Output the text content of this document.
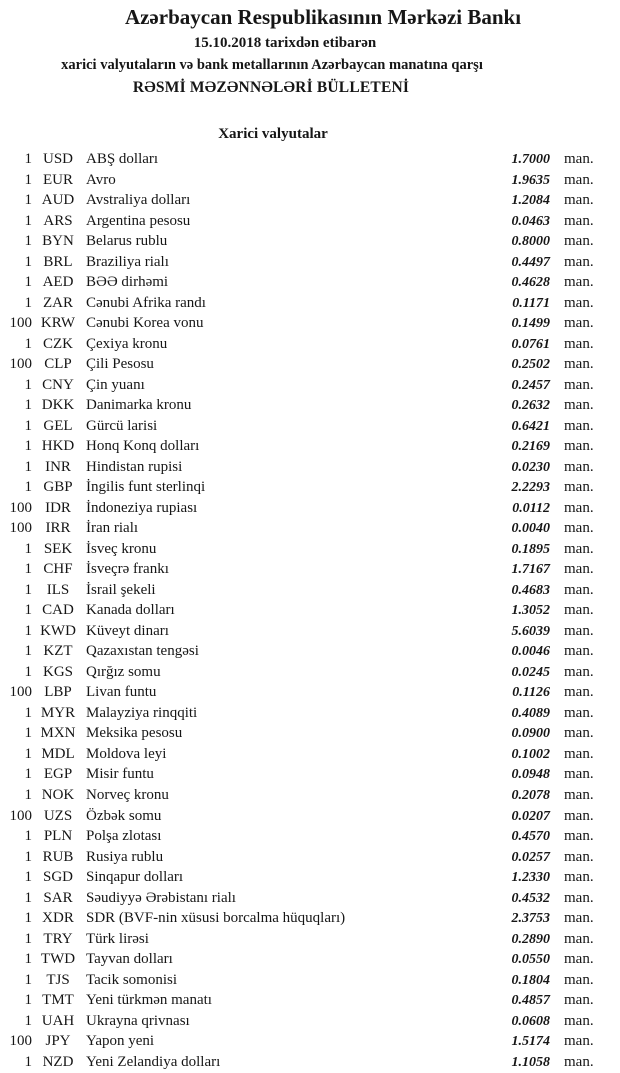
Azərbaycan Respublikasının Mərkəzi Bankı
15.10.2018 tarixdən etibarən
xarici valyutaların və bank metallarının Azərbaycan manatına qarşı
RƏSMİ MƏZƏNNƏLƏRİ BÜLLETENİ
Xarici valyutalar
1 USD ABŞ dolları	1.7000 man.
1 EUR Avro	1.9635 man.
1 AUD Avstraliya dolları	1.2084 man.
1 ARS Argentina pesosu	0.0463 man.
1 BYN Belarus rublu	0.8000 man.
1 BRL Braziliya rialı	0.4497 man.
1 AED BƏƏ dirhəmi	0.4628 man.
1 ZAR Cənubi Afrika randı	0.1171 man.
100 KRW Cənubi Korea vonu	0.1499 man.
1 CZK Çexiya kronu	0.0761 man.
100 CLP Çili Pesosu	0.2502 man.
1 CNY Çin yuanı	0.2457 man.
1 DKK Danimarka kronu	0.2632 man.
1 GEL Gürcü larisi	0.6421 man.
1 HKD Honq Konq dolları	0.2169 man.
1 INR	Hindistan rupisi	0.0230 man.
1 GBP İngilis funt sterlinqi	2.2293 man.
100 IDR	İndoneziya rupiası	0.0112 man.
100 IRR	İran rialı	0.0040 man.
1 SEK İsveç kronu	0.1895 man.
1 CHF İsveçrə frankı	1.7167 man.
1 ILS	İsrail şekeli	0.4683 man.
1 CAD Kanada dolları	1.3052 man.
1 KWD Küveyt dinarı	5.6039 man.
1 KZT Qazaxıstan tengəsi	0.0046 man.
1 KGS Qırğız somu	0.0245 man.
100 LBP Livan funtu	0.1126 man.
1 MYR Malayziya rinqqiti	0.4089 man.
1 MXN Meksika pesosu	0.0900 man.
1 MDL Moldova leyi	0.1002 man.
1 EGP Misir funtu	0.0948 man.
1 NOK Norveç kronu	0.2078 man.
100 UZS Özbək somu	0.0207 man.
1 PLN Polşa zlotası	0.4570 man.
1 RUB Rusiya rublu	0.0257 man.
1 SGD Sinqapur dolları	1.2330 man.
1 SAR Səudiyyə Ərəbistanı rialı	0.4532 man.
1 XDR SDR (BVF-nin xüsusi borcalma hüquqları)	2.3753 man.
1 TRY Türk lirəsi	0.2890 man.
1 TWD Tayvan dolları	0.0550 man.
1 TJS	Tacik somonisi	0.1804 man.
1 TMT Yeni türkmən manatı	0.4857 man.
1 UAH Ukrayna qrivnası	0.0608 man.
100 JPY	Yapon yeni	1.5174 man.
1 NZD Yeni Zelandiya dolları	1.1058 man.
